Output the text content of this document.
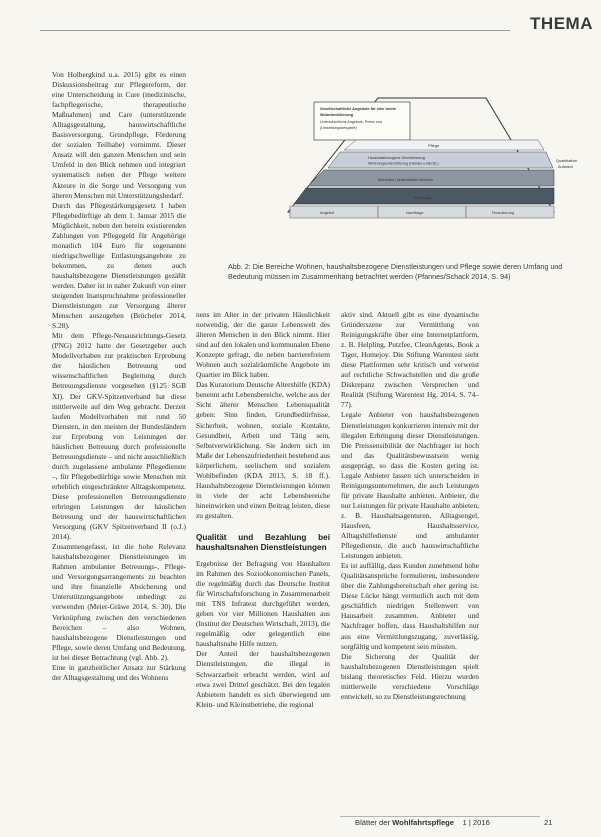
THEMA

Von Holbergkind u.a. 2015) gibt es einen Diskussionsbeitrag zur Pflegereform, der eine Unterscheidung in Cure (medizinische, fachpflegerische, therapeutische Maßnahmen) und Care (unterstützende Alltagsgestaltung, hauswirtschaftliche Basisversorgung, Grundpflege, Förderung der sozialen Teilhabe) vornimmt. Dieser Ansatz will den ganzen Menschen und sein Umfeld in den Blick nehmen und integriert systematisch neben der Pflege weitere Akteure in die Sorge und Versorgung von älteren Menschen mit Unterstützungsbedarf.

Durch das Pflegestärkungsgesetz I haben Pflegebedürftige ab dem 1. Januar 2015 die Möglichkeit, neben den bereits existierenden Zahlungen von Pflegegeld für Angehörige monatlich 104 Euro für sogenannte niedrigschwellige Entlastungsangebote zu bekommen, zu denen auch haushaltsbezogene Dienstleistungen gezählt werden. Daher ist in naher Zukunft von einer steigenden Inanspruchnahme professioneller Dienstleistungen zur Versorgung älterer Menschen auszugehen (Bröcheler 2014, S.28).

Mit dem Pflege-Neuausrichtungs-Gesetz (PNG) 2012 hatte der Gesetzgeber auch Modellvorhaben zur praktischen Erprobung der häuslichen Betreuung und wissenschaftlichen Begleitung durch Betreuungsdienste vorgesehen (§125 SGB XI). Der GKV-Spitzenverband hat diese mittlerweile auf den Weg gebracht. Derzeit laufen Modellvorhaben mit rund 50 Diensten, in den meisten der Bundesländern zur Erprobung von Leistungen der häuslichen Betreuung durch professionelle Betreuungsdienste – und nicht ausschließlich durch zugelassene ambulante Pflegedienste –, für Pflegebedürftige sowie Menschen mit erheblich eingeschränkter Alltagskompetenz. Diese professionellen Betreuungsdienste erbringen Leistungen der häuslichen Betreuung und der hauswirtschaftlichen Versorgung (GKV Spitzenverband II (o.J.) 2014).

Zusammengefasst, ist die hohe Relevanz haushaltsbezogener Dienstleistungen im Rahmen ambulanter Betreuungs-, Pflege- und Versorgungsarrangements zu beachten und ihre finanzielle Absicherung und Unterstützungsangebote unbedingt zu verwenden (Meier-Gräwe 2014, S. 30). Die Verknüpfung zwischen den verschiedenen Bereichen – also Wohnen, haushaltsbezogene Dienstleistungen und Pflege, sowie deren Umfang und Bedeutung, ist bei dieser Betrachtung (vgl. Abb. 2).

Eine in ganzheitlicher Ansatz zur Stärkung der Alltagsgestaltung und des Wohnens

Gesellschaftliche Angebote für eine breite
Wohnbevölkerung
Unterschiedliche Angebote, Preise und
(Umsetzungsbeispiele)
Pflege
Haushaltsbezogene Dienstleistung
Wohnungsunterstützung (Handel u.Dienst.)
Betreutes / Unterstütztes Wohnen
Fühhrungs
Angebot	Nachfrage	Finanzierung
Quantitativer
Aufwand
Abb. 2: Die Bereiche Wohnen, haushaltsbezogene Dienstleistungen und Pflege sowie deren Umfang und Bedeutung müssen im Zusammenhang betrachtet werden (Pfannes/Schack 2014, S. 94)

nens im Alter in der privaten Häuslichkeit notwendig, der die ganze Lebenswelt des älteren Menschen in den Blick nimmt. Hier sind auf den lokalen und kommunalen Ebene Konzepte gefragt, die neben barrierefreiem Wohnen auch sozialräumliche Angebote im Quartier im Blick haben.

Das Kuratorium Deutsche Altershilfe (KDA) benennt acht Lebensbereiche, welche aus der Sicht älterer Menschen Lebensqualität geben: Sinn finden, Grundbedürfnisse, Sicherheit, wohnen, soziale Kontakte, Gesundheit, Arbeit und Tätig sein, Selbstverwirklichung. Sie ändern sich im Maße der Lebenszufriedenheit bestehend aus körperlichem, seelischem und sozialem Wohlbefinden (KDA 2013, S. 18 ff.). Haushaltsbezogene Dienstleistungen können in viele der acht Lebensbereiche hineinwirken und einen Beitrag leisten, diese zu gestalten.

Qualität und Bezahlung bei haushaltsnahen Dienstleistungen

Ergebnisse der Befragung von Haushalten im Rahmen des Sozioökonomischen Panels, die regelmäßig durch das Deutsche Institut für Wirtschaftsforschung in Zusammenarbeit mit TNS Infratest durchgeführt werden, geben vor vier Millionen Haushalten aus (Institut der Deutschen Wirtschaft, 2013), die regelmäßig oder gelegentlich eine haushaltsnahe Hilfe nutzen.

Der Anteil der haushaltsbezogenen Dienstleistungen, die illegal in Schwarzarbeit erbracht werden, wird auf etwa zwei Drittel geschätzt. Bei den legalen Anbietern handelt es sich überwiegend um Klein- und Kleinstbetriebe, die regional

aktiv sind. Aktuell gibt es eine dynamische Gründerszene zur Vermittlung von Reinigungskräfte über eine Internetplattform, z. B. Helpling, Putzfee, CleanAgents, Book a Tiger, Homejoy. Die Stiftung Warentest sieht diese Plattformen sehr kritisch und verweist auf rechtliche Schwachstellen und die große Diskrepanz zwischen Versprechen und Realität (Stiftung Warentest Hg. 2014, S. 74–77).

Legale Anbieter von haushaltsbezogenen Dienstleistungen konkurrieren intensiv mit der illegalen Erbringung dieser Dienstleistungen. Die Preissensibilität der Nachfrager ist hoch und das Qualitätsbewusstsein wenig ausgeprägt, so dass die Kosten gering ist. Legale Anbieter lassen sich unterscheiden in Reinigungsunternehmen, die auch Leistungen für private Haushalte anbieten. Anbieter, die nur Leistungen für private Haushalte anbieten, z. B. Haushaltsagenturen, Alltagsengel, Hausfeen, Haushaltsservice, Alltagshilfedienste und ambulanter Pflegedienste, die auch hauswirtschaftliche Leistungen anbieten.

Es ist auffällig, dass Kunden zunehmend hohe Qualitätsansprüche formulieren, insbesondere über die Zahlungsbereitschaft eher gering ist. Diese Lücke hängt vermutlich auch mit dem geschäftlich niedrigen Stellenwert von Hausarbeit zusammen. Anbieter und Nachfrager hoffen, dass Haushaltshilfen nur aus eine Vermittlungszugang, zuverlässig, sorgfältig und kompetent sein müssten.

Die Sicherung der Qualität der haushaltsbezogenen Dienstleistungen spielt bislang theoretisches Feld. Hierzu wurden mittlerweile verschiedene Vorschläge entwickelt, so zu Dienstleistungsrechnung

Blätter der Wohlfahrtspflege 1 | 2016	21
